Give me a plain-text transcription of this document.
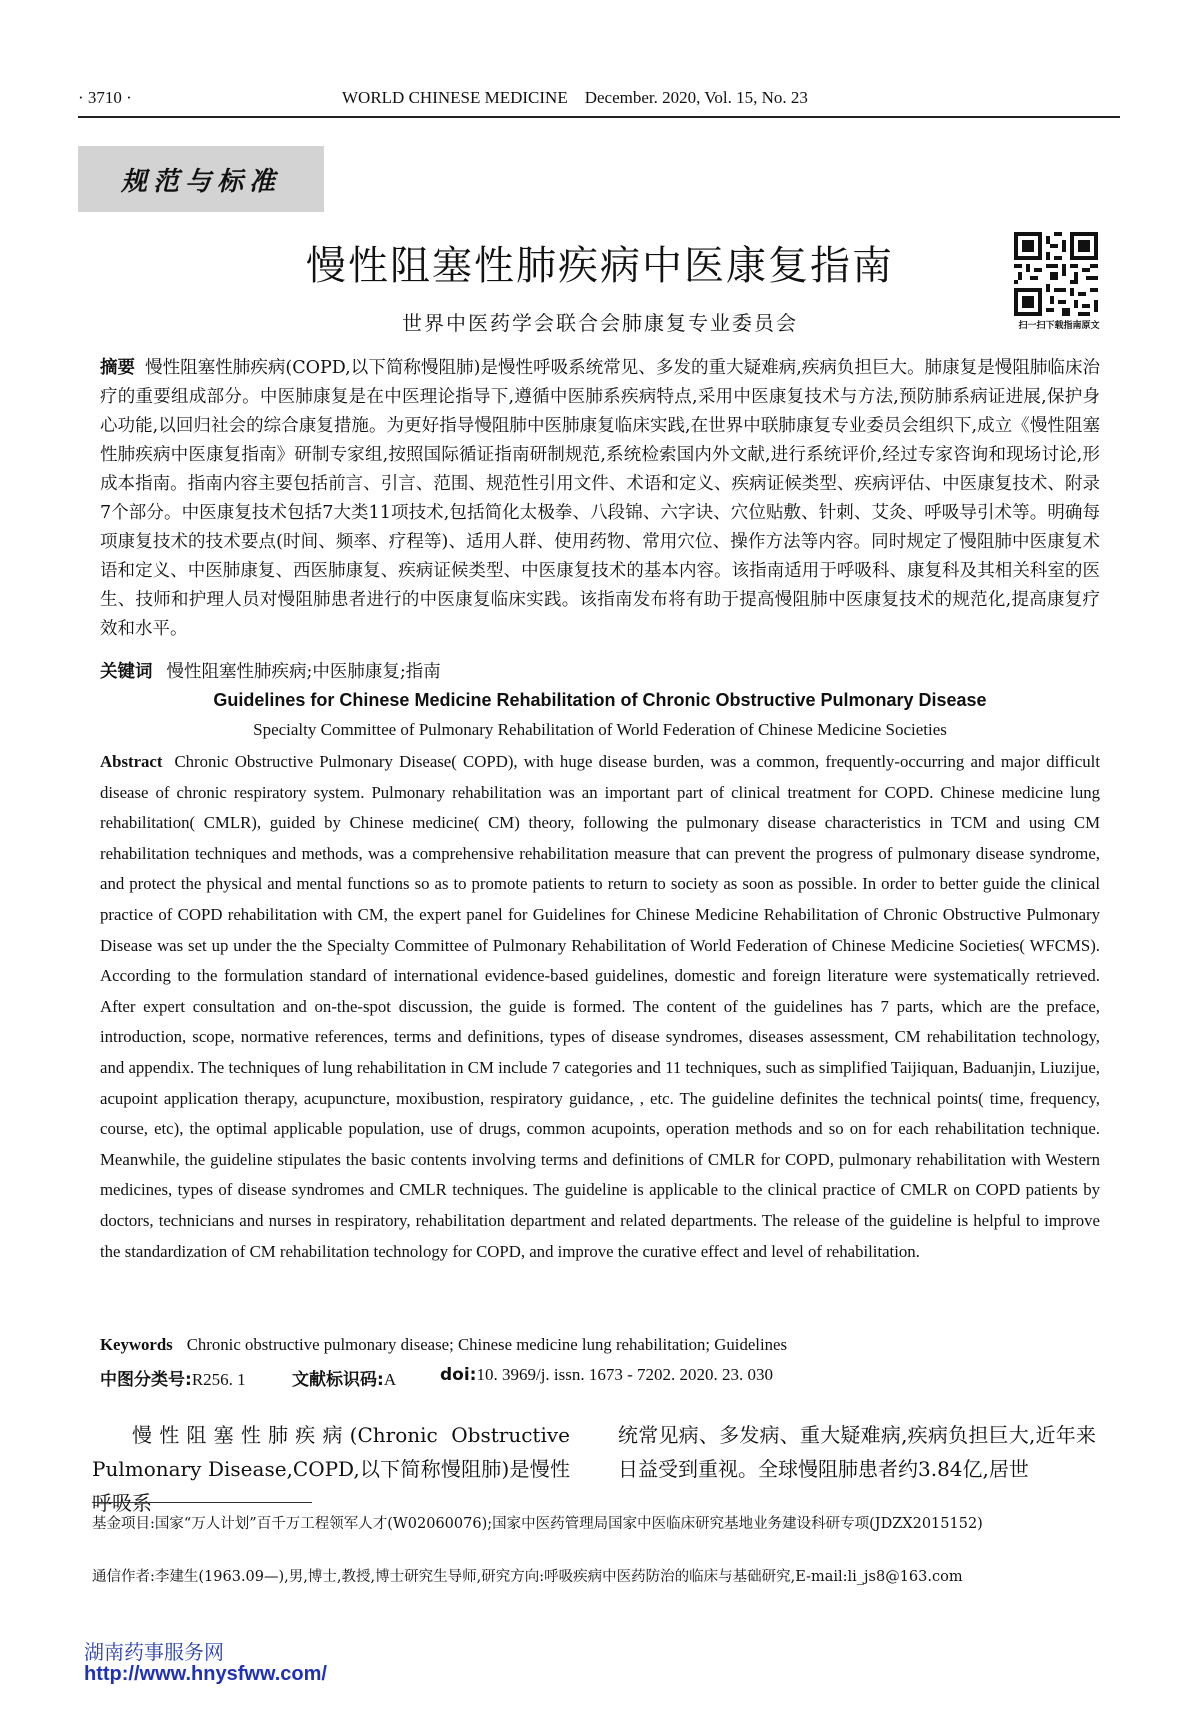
· 3710 ·	WORLD CHINESE MEDICINE    December. 2020, Vol. 15, No. 23
规范与标准
慢性阻塞性肺疾病中医康复指南
扫一扫下载指南原文
世界中医药学会联合会肺康复专业委员会
摘要 慢性阻塞性肺疾病(COPD,以下简称慢阻肺)是慢性呼吸系统常见、多发的重大疑难病,疾病负担巨大。肺康复是慢阻肺临床治疗的重要组成部分。中医肺康复是在中医理论指导下,遵循中医肺系疾病特点,采用中医康复技术与方法,预防肺系病证进展,保护身心功能,以回归社会的综合康复措施。为更好指导慢阻肺中医肺康复临床实践,在世界中联肺康复专业委员会组织下,成立《慢性阻塞性肺疾病中医康复指南》研制专家组,按照国际循证指南研制规范,系统检索国内外文献,进行系统评价,经过专家咨询和现场讨论,形成本指南。指南内容主要包括前言、引言、范围、规范性引用文件、术语和定义、疾病证候类型、疾病评估、中医康复技术、附录7个部分。中医康复技术包括7大类11项技术,包括简化太极拳、八段锦、六字诀、穴位贴敷、针刺、艾灸、呼吸导引术等。明确每项康复技术的技术要点(时间、频率、疗程等)、适用人群、使用药物、常用穴位、操作方法等内容。同时规定了慢阻肺中医康复术语和定义、中医肺康复、西医肺康复、疾病证候类型、中医康复技术的基本内容。该指南适用于呼吸科、康复科及其相关科室的医生、技师和护理人员对慢阻肺患者进行的中医康复临床实践。该指南发布将有助于提高慢阻肺中医康复技术的规范化,提高康复疗效和水平。
关键词 慢性阻塞性肺疾病;中医肺康复;指南
Guidelines for Chinese Medicine Rehabilitation of Chronic Obstructive Pulmonary Disease
Specialty Committee of Pulmonary Rehabilitation of World Federation of Chinese Medicine Societies
Abstract Chronic Obstructive Pulmonary Disease( COPD), with huge disease burden, was a common, frequently-occurring and major difficult disease of chronic respiratory system. Pulmonary rehabilitation was an important part of clinical treatment for COPD. Chinese medicine lung rehabilitation( CMLR), guided by Chinese medicine( CM) theory, following the pulmonary disease characteristics in TCM and using CM rehabilitation techniques and methods, was a comprehensive rehabilitation measure that can prevent the progress of pulmonary disease syndrome, and protect the physical and mental functions so as to promote patients to return to society as soon as possible. In order to better guide the clinical practice of COPD rehabilitation with CM, the expert panel for Guidelines for Chinese Medicine Rehabilitation of Chronic Obstructive Pulmonary Disease was set up under the the Specialty Committee of Pulmonary Rehabilitation of World Federation of Chinese Medicine Societies( WFCMS). According to the formulation standard of international evidence-based guidelines, domestic and foreign literature were systematically retrieved. After expert consultation and on-the-spot discussion, the guide is formed. The content of the guidelines has 7 parts, which are the preface, introduction, scope, normative references, terms and definitions, types of disease syndromes, diseases assessment, CM rehabilitation technology, and appendix. The techniques of lung rehabilitation in CM include 7 categories and 11 techniques, such as simplified Taijiquan, Baduanjin, Liuzijue, acupoint application therapy, acupuncture, moxibustion, respiratory guidance, , etc. The guideline definites the technical points( time, frequency, course, etc), the optimal applicable population, use of drugs, common acupoints, operation methods and so on for each rehabilitation technique. Meanwhile, the guideline stipulates the basic contents involving terms and definitions of CMLR for COPD, pulmonary rehabilitation with Western medicines, types of disease syndromes and CMLR techniques. The guideline is applicable to the clinical practice of CMLR on COPD patients by doctors, technicians and nurses in respiratory, rehabilitation department and related departments. The release of the guideline is helpful to improve the standardization of CM rehabilitation technology for COPD, and improve the curative effect and level of rehabilitation.
Keywords Chronic obstructive pulmonary disease; Chinese medicine lung rehabilitation; Guidelines
中图分类号:R256. 1	文献标识码:A	doi:10. 3969/j. issn. 1673 - 7202. 2020. 23. 030
慢性阻塞性肺疾病(Chronic Obstructive Pulmonary Disease,COPD,以下简称慢阻肺)是慢性呼吸系
统常见病、多发病、重大疑难病,疾病负担巨大,近年来日益受到重视。全球慢阻肺患者约3.84亿,居世
基金项目:国家“万人计划”百千万工程领军人才(W02060076);国家中医药管理局国家中医临床研究基地业务建设科研专项(JDZX2015152)
通信作者:李建生(1963.09—),男,博士,教授,博士研究生导师,研究方向:呼吸疾病中医药防治的临床与基础研究,E-mail:li_js8@163.com
湖南药事服务网
http://www.hnysfww.com/
